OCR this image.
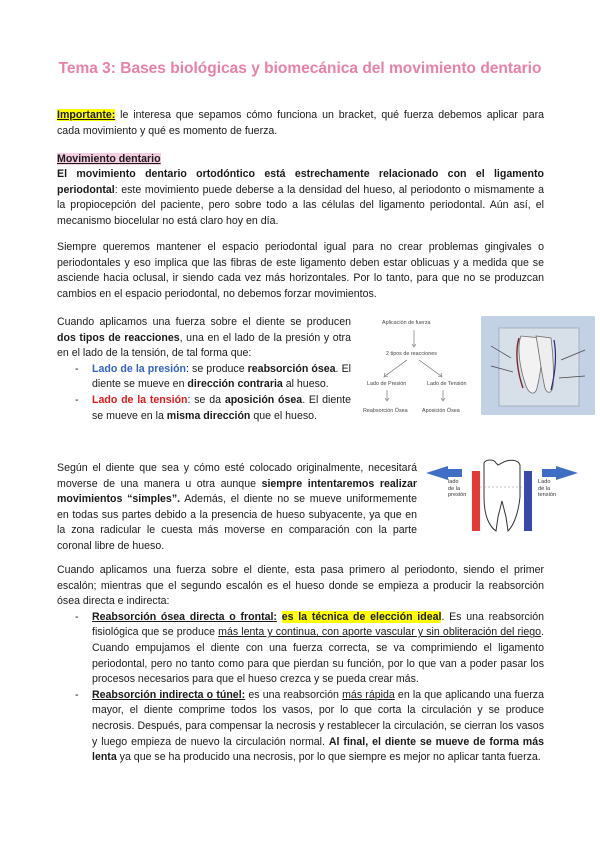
Tema 3: Bases biológicas y biomecánica del movimiento dentario
Importante: le interesa que sepamos cómo funciona un bracket, qué fuerza debemos aplicar para cada movimiento y qué es momento de fuerza.
Movimiento dentario
El movimiento dentario ortodóntico está estrechamente relacionado con el ligamento periodontal: este movimiento puede deberse a la densidad del hueso, al periodonto o mismamente a la propiocepción del paciente, pero sobre todo a las células del ligamento periodontal. Aún así, el mecanismo biocelular no está claro hoy en día.
Siempre queremos mantener el espacio periodontal igual para no crear problemas gingivales o periodontales y eso implica que las fibras de este ligamento deben estar oblicuas y a medida que se asciende hacia oclusal, ir siendo cada vez más horizontales. Por lo tanto, para que no se produzcan cambios en el espacio periodontal, no debemos forzar movimientos.
Cuando aplicamos una fuerza sobre el diente se producen dos tipos de reacciones, una en el lado de la presión y otra en el lado de la tensión, de tal forma que:
- Lado de la presión: se produce reabsorción ósea. El diente se mueve en dirección contraria al hueso.
- Lado de la tensión: se da aposición ósea. El diente se mueve en la misma dirección que el hueso.
Aplicación de fuerza
2 tipos de reacciones
Lado de Presión	Lado de Tensión
Reabsorción Ósea	Aposición Ósea
Según el diente que sea y cómo esté colocado originalmente, necesitará moverse de una manera u otra aunque siempre intentaremos realizar movimientos “simples”. Además, el diente no se mueve uniformemente en todas sus partes debido a la presencia de hueso subyacente, ya que en la zona radicular le cuesta más moverse en comparación con la parte coronal libre de hueso.
lado
de la
presión
Lado
de la
tensión
Cuando aplicamos una fuerza sobre el diente, esta pasa primero al periodonto, siendo el primer escalón; mientras que el segundo escalón es el hueso donde se empieza a producir la reabsorción ósea directa e indirecta:
- Reabsorción ósea directa o frontal: es la técnica de elección ideal. Es una reabsorción fisiológica que se produce más lenta y continua, con aporte vascular y sin obliteración del riego. Cuando empujamos el diente con una fuerza correcta, se va comprimiendo el ligamento periodontal, pero no tanto como para que pierdan su función, por lo que van a poder pasar los procesos necesarios para que el hueso crezca y se pueda crear más.
- Reabsorción indirecta o túnel: es una reabsorción más rápida en la que aplicando una fuerza mayor, el diente comprime todos los vasos, por lo que corta la circulación y se produce necrosis. Después, para compensar la necrosis y restablecer la circulación, se cierran los vasos y luego empieza de nuevo la circulación normal. Al final, el diente se mueve de forma más lenta ya que se ha producido una necrosis, por lo que siempre es mejor no aplicar tanta fuerza.
